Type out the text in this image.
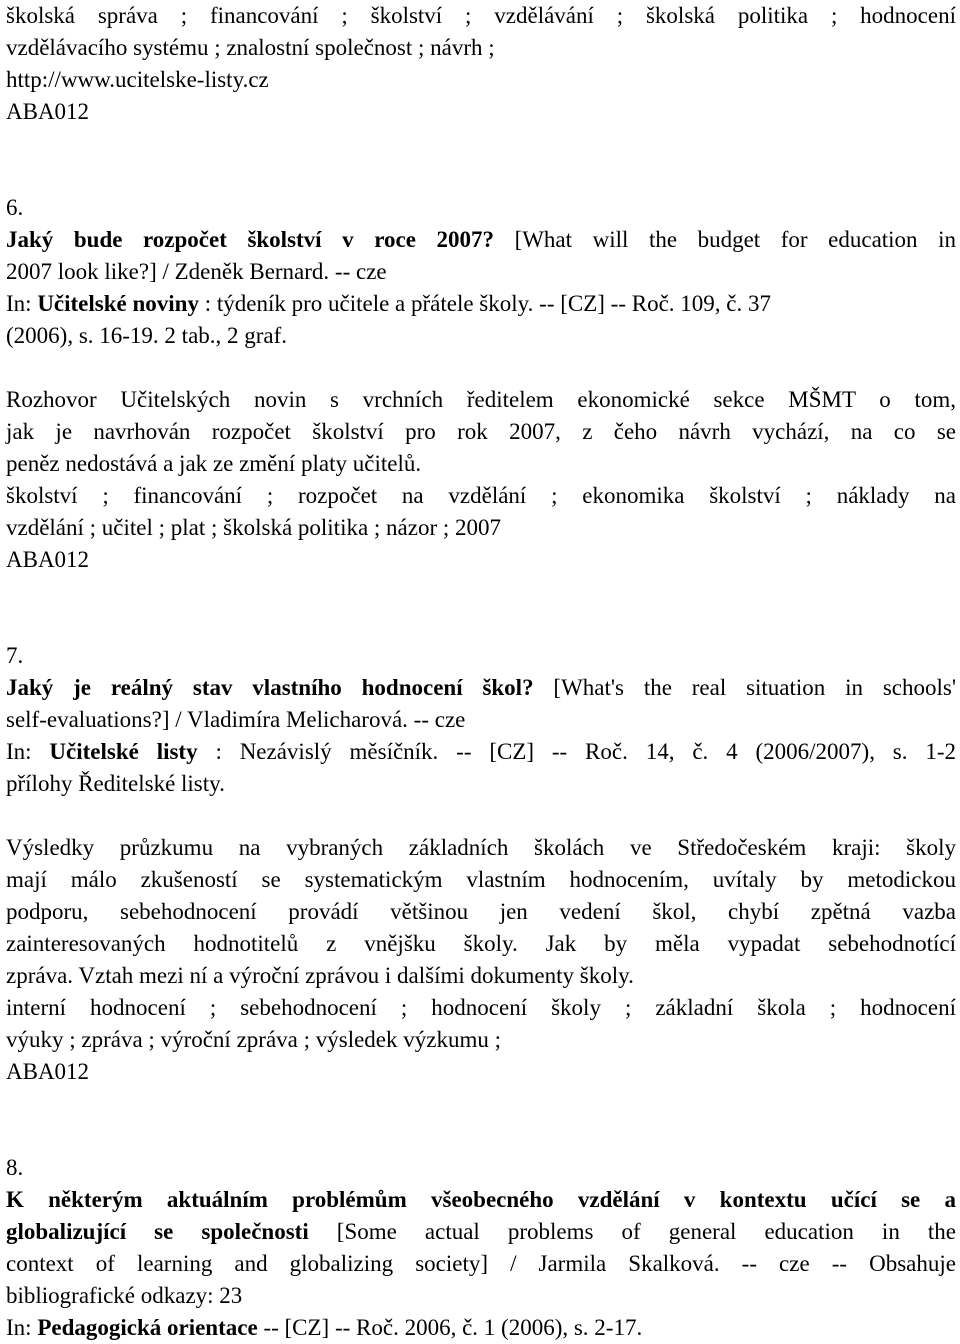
školská správa ; financování ; školství ; vzdělávání ; školská politika ; hodnocení
vzdělávacího systému ; znalostní společnost ; návrh ;
http://www.ucitelske-listy.cz
ABA012
6.
Jaký bude rozpočet školství v roce 2007? [What will the budget for education in
2007 look like?] / Zdeněk Bernard. -- cze
In: Učitelské noviny : týdeník pro učitele a přátele školy. -- [CZ] -- Roč. 109, č. 37
(2006), s. 16-19. 2 tab., 2 graf.
Rozhovor Učitelských novin s vrchních ředitelem ekonomické sekce MŠMT o tom,
jak je navrhován rozpočet školství pro rok 2007, z čeho návrh vychází, na co se
peněz nedostává a jak ze změní platy učitelů.
školství ; financování ; rozpočet na vzdělání ; ekonomika školství ; náklady na
vzdělání ; učitel ; plat ; školská politika ; názor ; 2007
ABA012
7.
Jaký je reálný stav vlastního hodnocení škol? [What's the real situation in schools'
self-evaluations?] / Vladimíra Melicharová. -- cze
In: Učitelské listy : Nezávislý měsíčník. -- [CZ] -- Roč. 14, č. 4 (2006/2007), s. 1-2
přílohy Ředitelské listy.
Výsledky průzkumu na vybraných základních školách ve Středočeském kraji: školy
mají málo zkušeností se systematickým vlastním hodnocením, uvítaly by metodickou
podporu, sebehodnocení provádí většinou jen vedení škol, chybí zpětná vazba
zainteresovaných hodnotitelů z vnějšku školy. Jak by měla vypadat sebehodnotící
zpráva. Vztah mezi ní a výroční zprávou i dalšími dokumenty školy.
interní hodnocení ; sebehodnocení ; hodnocení školy ; základní škola ; hodnocení
výuky ; zpráva ; výroční zpráva ; výsledek výzkumu ;
ABA012
8.
K některým aktuálním problémům všeobecného vzdělání v kontextu učící se a
globalizující se společnosti [Some actual problems of general education in the
context of learning and globalizing society] / Jarmila Skalková. -- cze -- Obsahuje
bibliografické odkazy: 23
In: Pedagogická orientace -- [CZ] -- Roč. 2006, č. 1 (2006), s. 2-17.
